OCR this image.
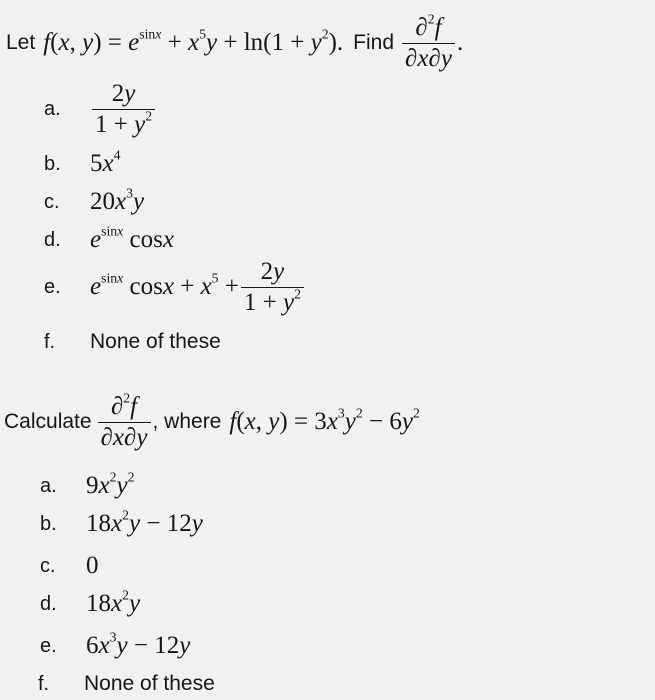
Let f(x, $y) = e^{sinx} + x^5y + \ln(1 + y^2)$. Find $\frac{\partial^2f}{\partial x\partial y}$ .
a.	$\frac{2y}{1 + y^2}$
b.	$5x^4$
c.	$20x^3y$
d.	$e^{sinx}$ cosx
e.	$e^{sinx}$ $\cos x + x^5 + \frac{2y}{1 + y^2}$
f.	None of these
Calculate $\frac{\partial^2f}{\partial x\partial y}$ , where f(x, $y) = 3x^3y^2 - 6y^2$
a.	$9x^2y^2$
b.	$18x^2y - 12y$
c.	0
d.	$18x^2y$
e.	$6x^3y - 12y$
f.	None of these
